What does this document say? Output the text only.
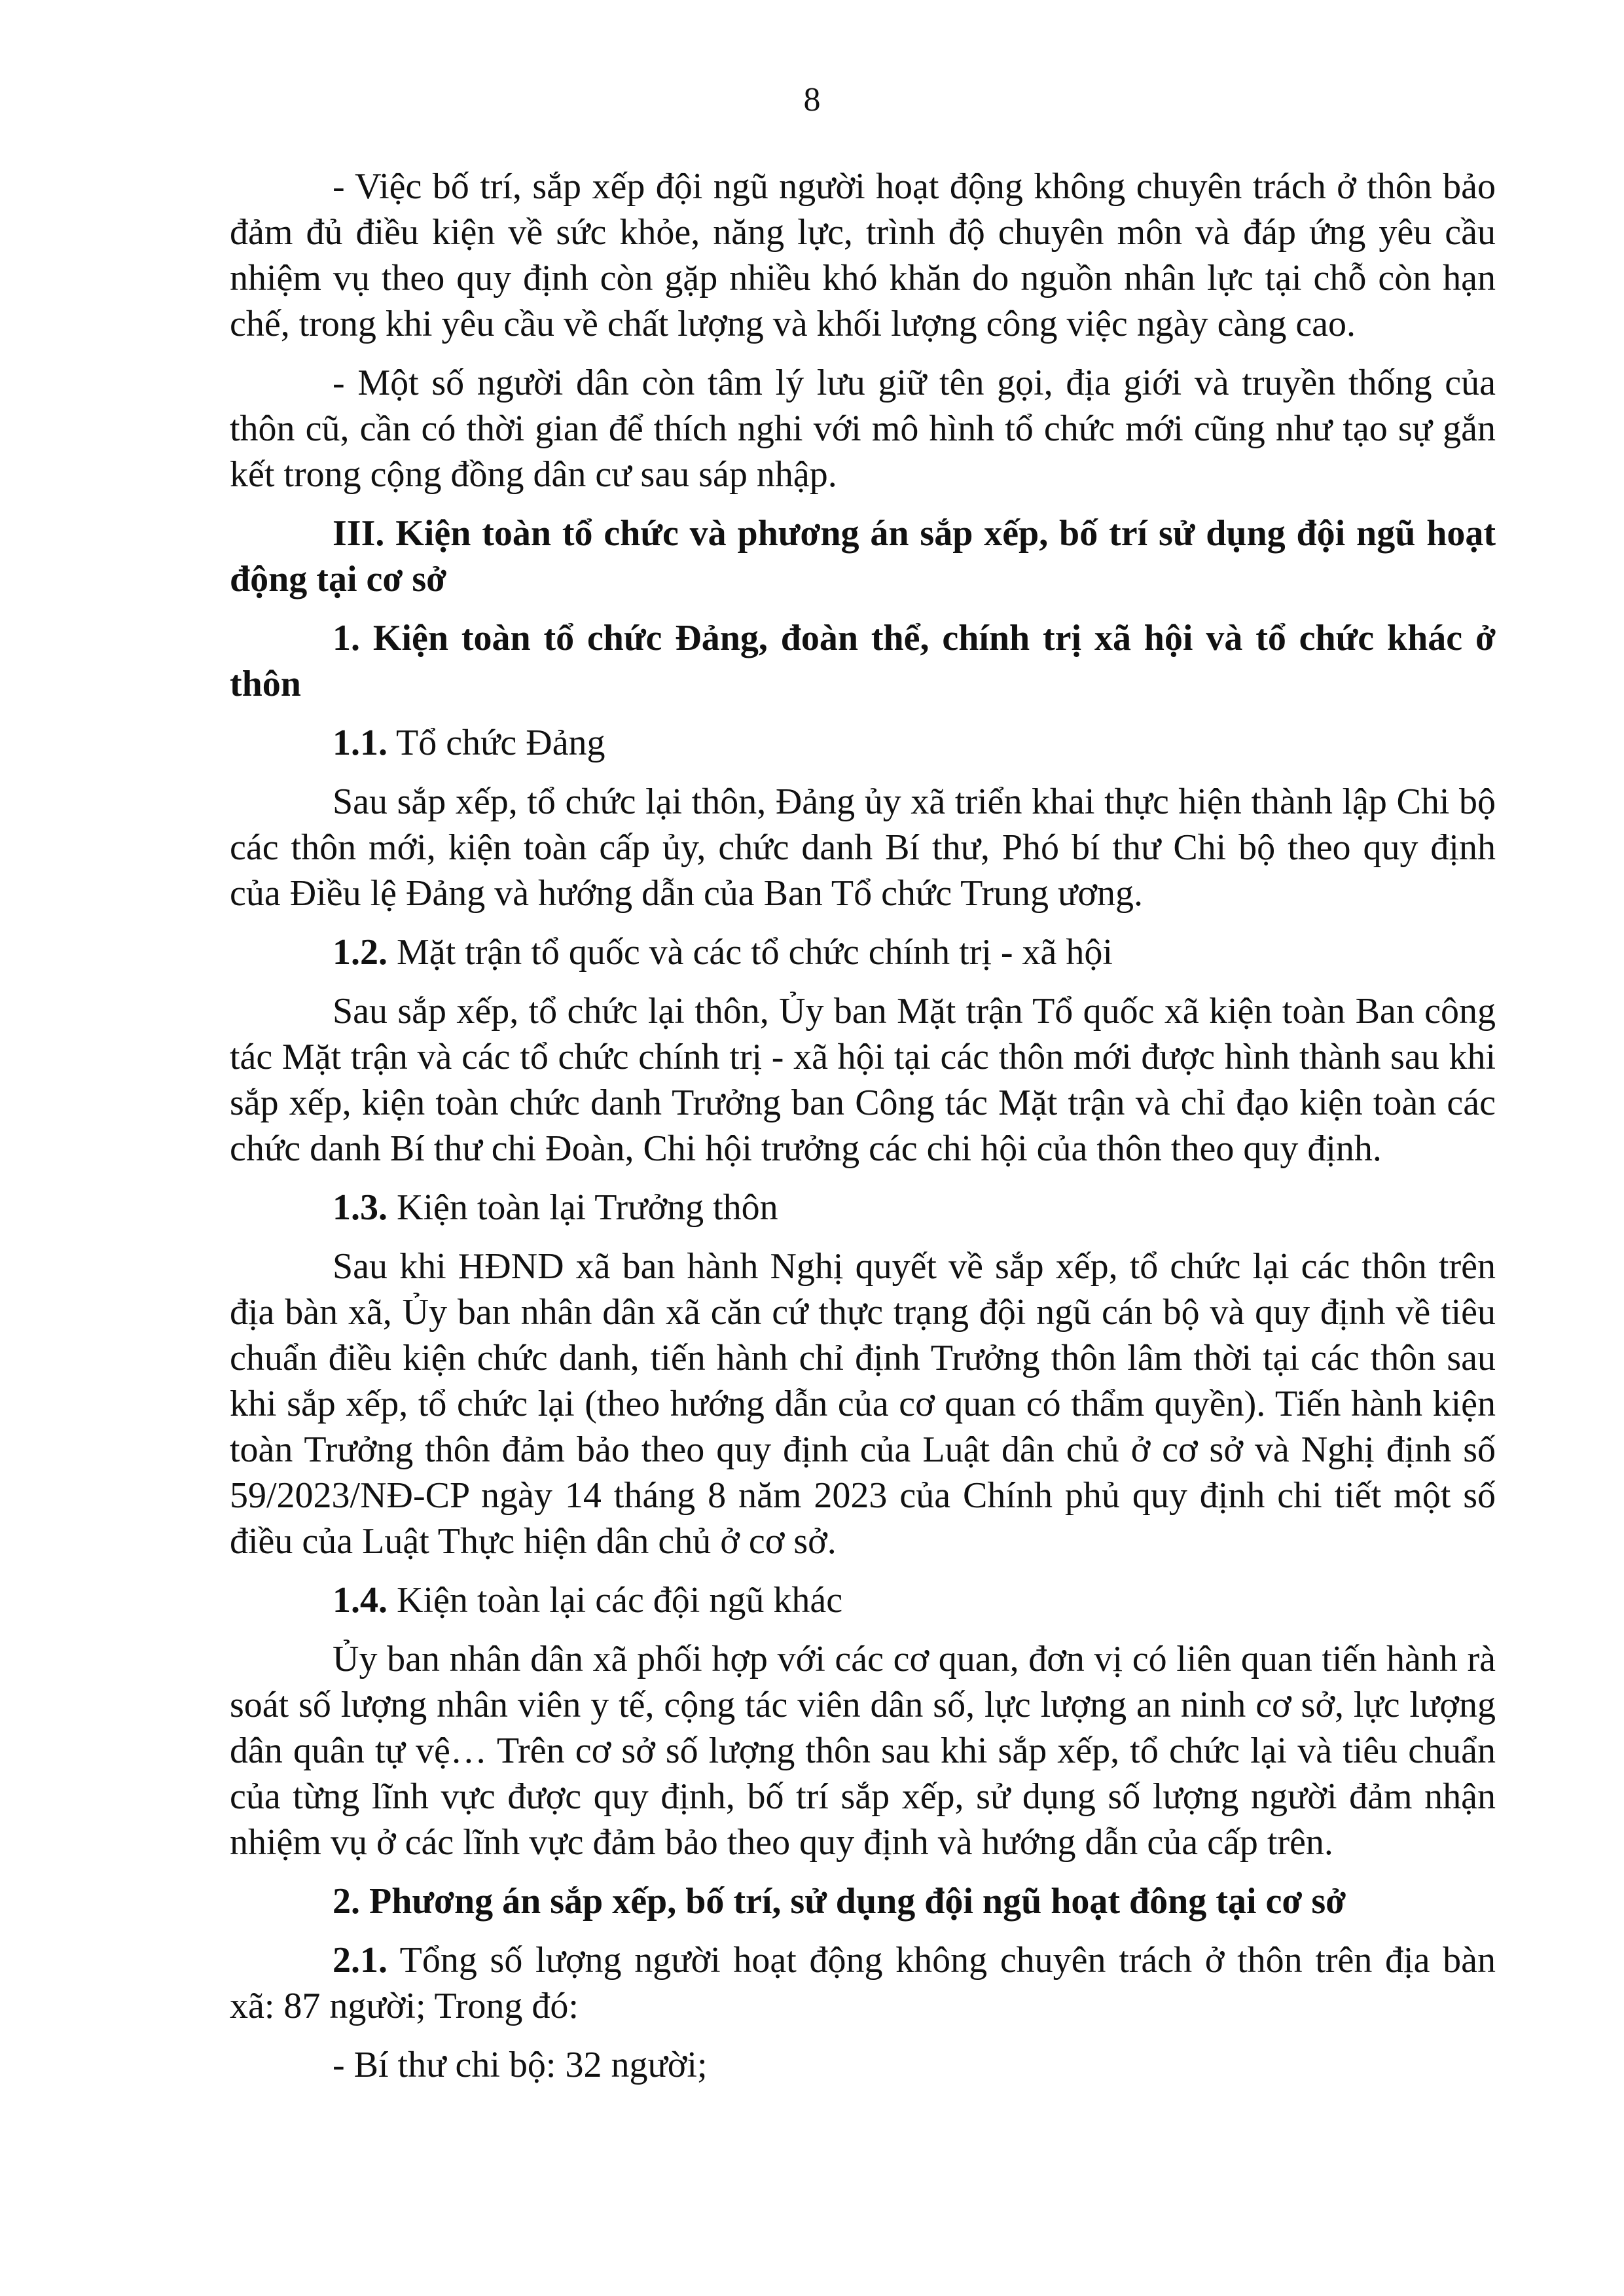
8

- Việc bố trí, sắp xếp đội ngũ người hoạt động không chuyên trách ở thôn bảo đảm đủ điều kiện về sức khỏe, năng lực, trình độ chuyên môn và đáp ứng yêu cầu nhiệm vụ theo quy định còn gặp nhiều khó khăn do nguồn nhân lực tại chỗ còn hạn chế, trong khi yêu cầu về chất lượng và khối lượng công việc ngày càng cao.

- Một số người dân còn tâm lý lưu giữ tên gọi, địa giới và truyền thống của thôn cũ, cần có thời gian để thích nghi với mô hình tổ chức mới cũng như tạo sự gắn kết trong cộng đồng dân cư sau sáp nhập.

III. Kiện toàn tổ chức và phương án sắp xếp, bố trí sử dụng đội ngũ hoạt động tại cơ sở

1. Kiện toàn tổ chức Đảng, đoàn thể, chính trị xã hội và tổ chức khác ở thôn

1.1. Tổ chức Đảng

Sau sắp xếp, tổ chức lại thôn, Đảng ủy xã triển khai thực hiện thành lập Chi bộ các thôn mới, kiện toàn cấp ủy, chức danh Bí thư, Phó bí thư Chi bộ theo quy định của Điều lệ Đảng và hướng dẫn của Ban Tổ chức Trung ương.

1.2. Mặt trận tổ quốc và các tổ chức chính trị - xã hội

Sau sắp xếp, tổ chức lại thôn, Ủy ban Mặt trận Tổ quốc xã kiện toàn Ban công tác Mặt trận và các tổ chức chính trị - xã hội tại các thôn mới được hình thành sau khi sắp xếp, kiện toàn chức danh Trưởng ban Công tác Mặt trận và chỉ đạo kiện toàn các chức danh Bí thư chi Đoàn, Chi hội trưởng các chi hội của thôn theo quy định.

1.3. Kiện toàn lại Trưởng thôn

Sau khi HĐND xã ban hành Nghị quyết về sắp xếp, tổ chức lại các thôn trên địa bàn xã, Ủy ban nhân dân xã căn cứ thực trạng đội ngũ cán bộ và quy định về tiêu chuẩn điều kiện chức danh, tiến hành chỉ định Trưởng thôn lâm thời tại các thôn sau khi sắp xếp, tổ chức lại (theo hướng dẫn của cơ quan có thẩm quyền). Tiến hành kiện toàn Trưởng thôn đảm bảo theo quy định của Luật dân chủ ở cơ sở và Nghị định số 59/2023/NĐ-CP ngày 14 tháng 8 năm 2023 của Chính phủ quy định chi tiết một số điều của Luật Thực hiện dân chủ ở cơ sở.

1.4. Kiện toàn lại các đội ngũ khác

Ủy ban nhân dân xã phối hợp với các cơ quan, đơn vị có liên quan tiến hành rà soát số lượng nhân viên y tế, cộng tác viên dân số, lực lượng an ninh cơ sở, lực lượng dân quân tự vệ… Trên cơ sở số lượng thôn sau khi sắp xếp, tổ chức lại và tiêu chuẩn của từng lĩnh vực được quy định, bố trí sắp xếp, sử dụng số lượng người đảm nhận nhiệm vụ ở các lĩnh vực đảm bảo theo quy định và hướng dẫn của cấp trên.

2. Phương án sắp xếp, bố trí, sử dụng đội ngũ hoạt đông tại cơ sở

2.1. Tổng số lượng người hoạt động không chuyên trách ở thôn trên địa bàn xã: 87 người; Trong đó:

- Bí thư chi bộ: 32 người;
